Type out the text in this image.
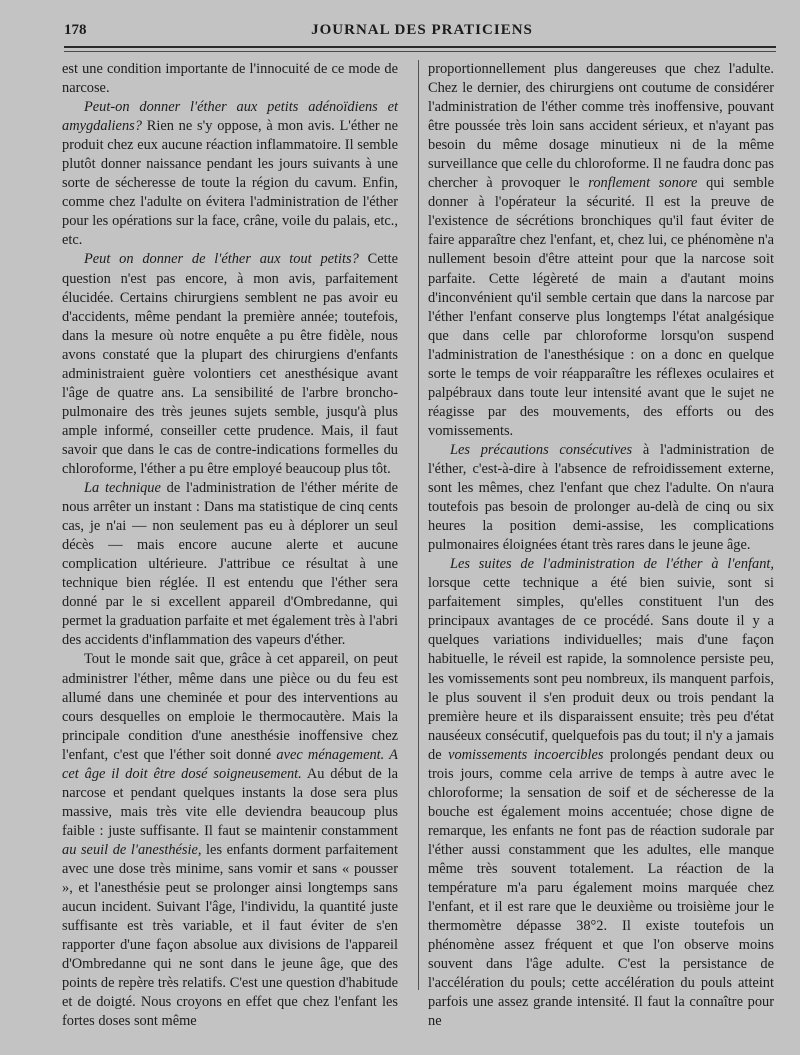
178	JOURNAL DES PRATICIENS

est une condition importante de l'innocuité de ce mode de narcose.

Peut-on donner l'éther aux petits adénoïdiens et amygdaliens? Rien ne s'y oppose, à mon avis. L'éther ne produit chez eux aucune réaction inflammatoire. Il semble plutôt donner naissance pendant les jours suivants à une sorte de sécheresse de toute la région du cavum. Enfin, comme chez l'adulte on évitera l'administration de l'éther pour les opérations sur la face, crâne, voile du palais, etc., etc.

Peut on donner de l'éther aux tout petits? Cette question n'est pas encore, à mon avis, parfaitement élucidée. Certains chirurgiens semblent ne pas avoir eu d'accidents, même pendant la première année; toutefois, dans la mesure où notre enquête a pu être fidèle, nous avons constaté que la plupart des chirurgiens d'enfants administraient guère volontiers cet anesthésique avant l'âge de quatre ans. La sensibilité de l'arbre broncho-pulmonaire des très jeunes sujets semble, jusqu'à plus ample informé, conseiller cette prudence. Mais, il faut savoir que dans le cas de contre-indications formelles du chloroforme, l'éther a pu être employé beaucoup plus tôt.

La technique de l'administration de l'éther mérite de nous arrêter un instant : Dans ma statistique de cinq cents cas, je n'ai — non seulement pas eu à déplorer un seul décès — mais encore aucune alerte et aucune complication ultérieure. J'attribue ce résultat à une technique bien réglée. Il est entendu que l'éther sera donné par le si excellent appareil d'Ombredanne, qui permet la graduation parfaite et met également très à l'abri des accidents d'inflammation des vapeurs d'éther.

Tout le monde sait que, grâce à cet appareil, on peut administrer l'éther, même dans une pièce ou du feu est allumé dans une cheminée et pour des interventions au cours desquelles on emploie le thermocautère. Mais la principale condition d'une anesthésie inoffensive chez l'enfant, c'est que l'éther soit donné avec ménagement. A cet âge il doit être dosé soigneusement. Au début de la narcose et pendant quelques instants la dose sera plus massive, mais très vite elle deviendra beaucoup plus faible : juste suffisante. Il faut se maintenir constamment au seuil de l'anesthésie, les enfants dorment parfaitement avec une dose très minime, sans vomir et sans « pousser », et l'anesthésie peut se prolonger ainsi longtemps sans aucun incident. Suivant l'âge, l'individu, la quantité juste suffisante est très variable, et il faut éviter de s'en rapporter d'une façon absolue aux divisions de l'appareil d'Ombredanne qui ne sont dans le jeune âge, que des points de repère très relatifs. C'est une question d'habitude et de doigté. Nous croyons en effet que chez l'enfant les fortes doses sont même

proportionnellement plus dangereuses que chez l'adulte. Chez le dernier, des chirurgiens ont coutume de considérer l'administration de l'éther comme très inoffensive, pouvant être poussée très loin sans accident sérieux, et n'ayant pas besoin du même dosage minutieux ni de la même surveillance que celle du chloroforme. Il ne faudra donc pas chercher à provoquer le ronflement sonore qui semble donner à l'opérateur la sécurité. Il est la preuve de l'existence de sécrétions bronchiques qu'il faut éviter de faire apparaître chez l'enfant, et, chez lui, ce phénomène n'a nullement besoin d'être atteint pour que la narcose soit parfaite. Cette légèreté de main a d'autant moins d'inconvénient qu'il semble certain que dans la narcose par l'éther l'enfant conserve plus longtemps l'état analgésique que dans celle par chloroforme lorsqu'on suspend l'administration de l'anesthésique : on a donc en quelque sorte le temps de voir réapparaître les réflexes oculaires et palpébraux dans toute leur intensité avant que le sujet ne réagisse par des mouvements, des efforts ou des vomissements.

Les précautions consécutives à l'administration de l'éther, c'est-à-dire à l'absence de refroidissement externe, sont les mêmes, chez l'enfant que chez l'adulte. On n'aura toutefois pas besoin de prolonger au-delà de cinq ou six heures la position demi-assise, les complications pulmonaires éloignées étant très rares dans le jeune âge.

Les suites de l'administration de l'éther à l'enfant, lorsque cette technique a été bien suivie, sont si parfaitement simples, qu'elles constituent l'un des principaux avantages de ce procédé. Sans doute il y a quelques variations individuelles; mais d'une façon habituelle, le réveil est rapide, la somnolence persiste peu, les vomissements sont peu nombreux, ils manquent parfois, le plus souvent il s'en produit deux ou trois pendant la première heure et ils disparaissent ensuite; très peu d'état nauséeux consécutif, quelquefois pas du tout; il n'y a jamais de vomissements incoercibles prolongés pendant deux ou trois jours, comme cela arrive de temps à autre avec le chloroforme; la sensation de soif et de sécheresse de la bouche est également moins accentuée; chose digne de remarque, les enfants ne font pas de réaction sudorale par l'éther aussi constamment que les adultes, elle manque même très souvent totalement. La réaction de la température m'a paru également moins marquée chez l'enfant, et il est rare que le deuxième ou troisième jour le thermomètre dépasse 38°2. Il existe toutefois un phénomène assez fréquent et que l'on observe moins souvent dans l'âge adulte. C'est la persistance de l'accélération du pouls; cette accélération du pouls atteint parfois une assez grande intensité. Il faut la connaître pour ne
